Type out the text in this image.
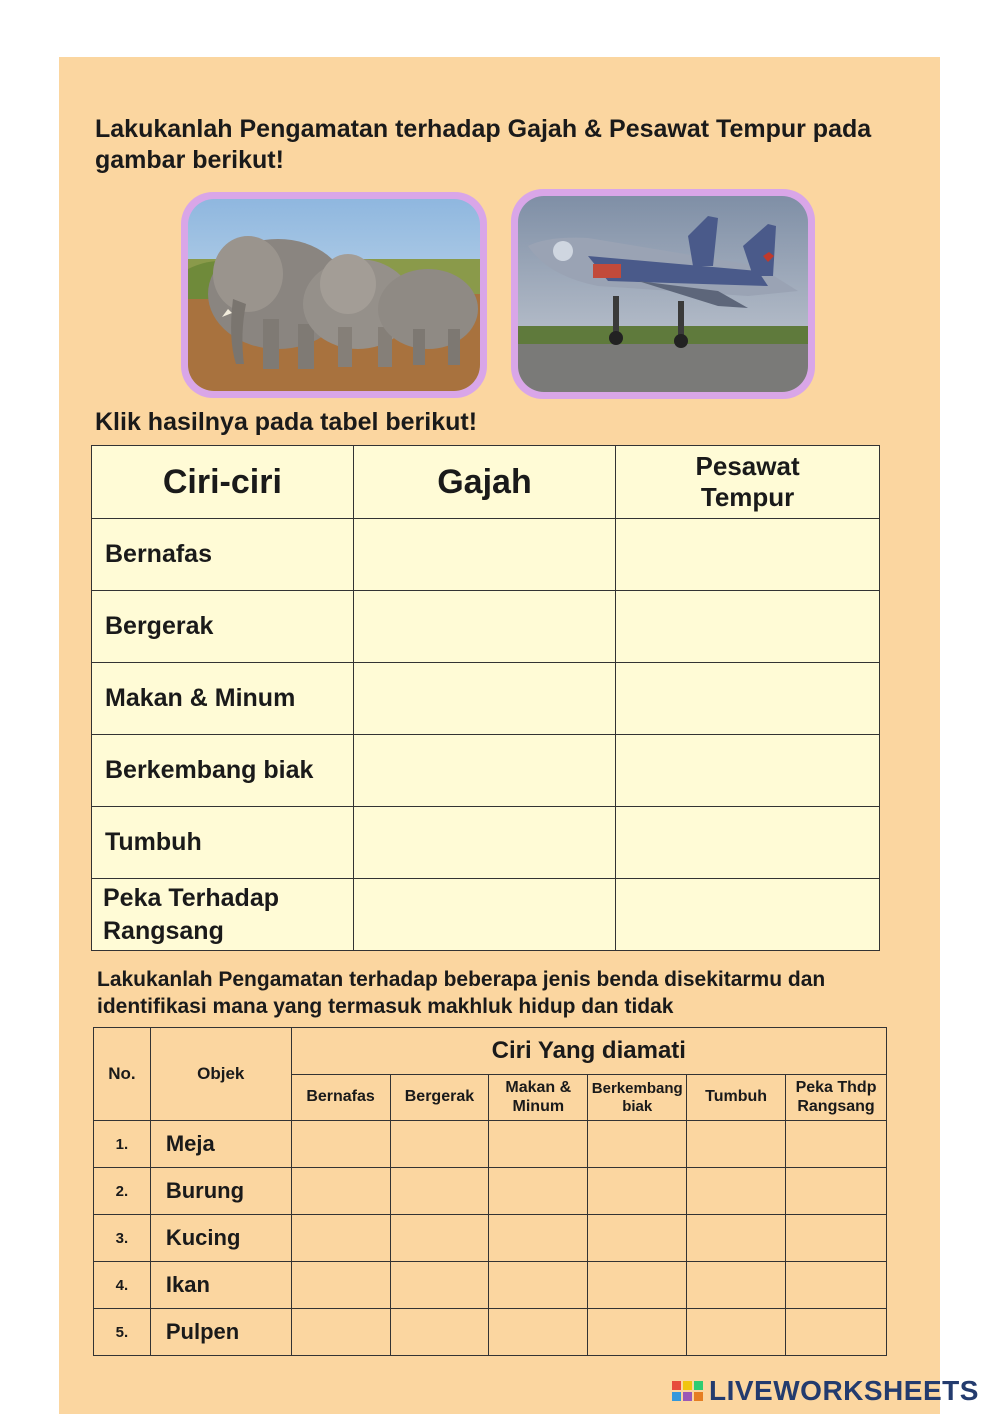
Lakukanlah Pengamatan terhadap Gajah & Pesawat Tempur pada gambar berikut!
Klik hasilnya pada tabel berikut!
Ciri-ciri	Gajah	Pesawat Tempur
Bernafas		
Bergerak		
Makan & Minum		
Berkembang biak		
Tumbuh		
Peka Terhadap Rangsang		
Lakukanlah Pengamatan terhadap beberapa jenis benda disekitarmu dan identifikasi mana yang termasuk makhluk hidup dan tidak
No.	Objek	Ciri Yang diamati					
		Bernafas	Bergerak	Makan & Minum	Berkembang biak	Tumbuh	Peka Thdp Rangsang
1.	Meja						
2.	Burung						
3.	Kucing						
4.	Ikan						
5.	Pulpen						
LIVEWORKSHEETS
